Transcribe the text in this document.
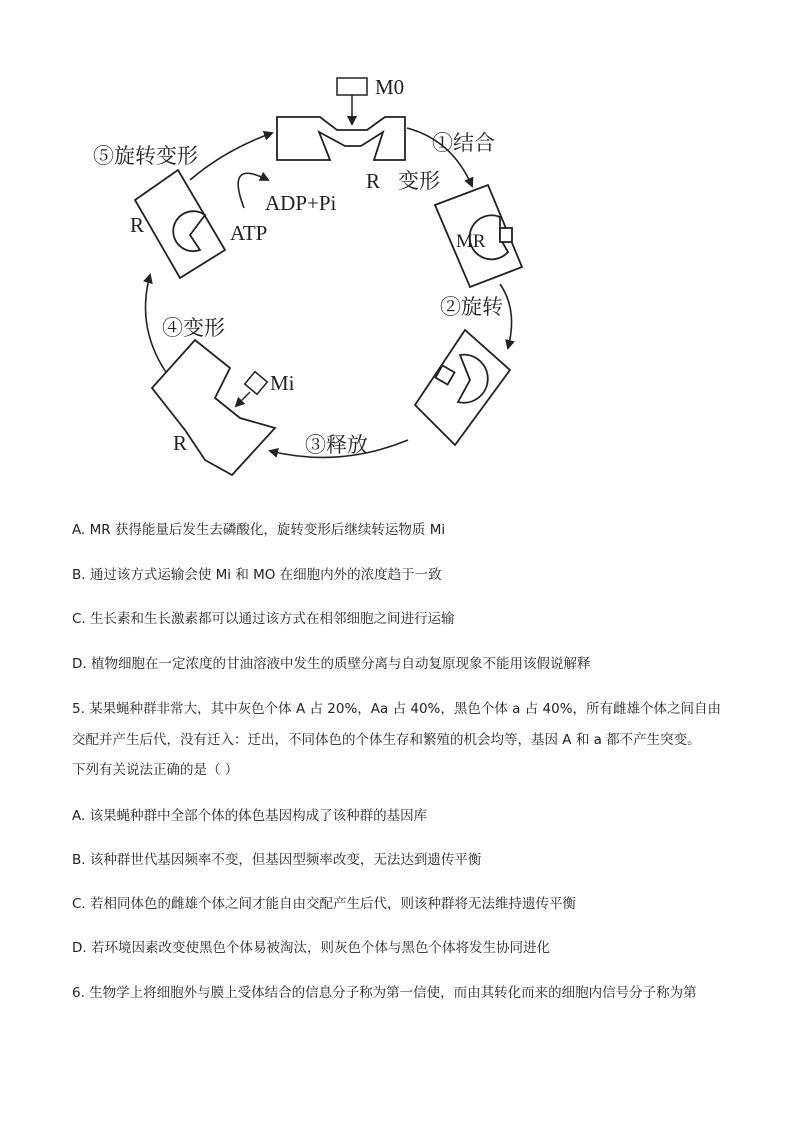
M0
①结合
R 变形
⑤旋转变形
ADP+Pi
R	ATP	MR
②旋转
④变形
Mi
R	③释放
A. MR 获得能量后发生去磷酸化，旋转变形后继续转运物质 Mi
B. 通过该方式运输会使 Mi 和 MO 在细胞内外的浓度趋于一致
C. 生长素和生长激素都可以通过该方式在相邻细胞之间进行运输
D. 植物细胞在一定浓度的甘油溶液中发生的质壁分离与自动复原现象不能用该假说解释
5. 某果蝇种群非常大，其中灰色个体 A 占 20%，Aa 占 40%，黑色个体 a 占 40%，所有雌雄个体之间自由
交配并产生后代，没有迁入：迁出，不同体色的个体生存和繁殖的机会均等，基因 A 和 a 都不产生突变。
下列有关说法正确的是（ ）
A. 该果蝇种群中全部个体的体色基因构成了该种群的基因库
B. 该种群世代基因频率不变，但基因型频率改变，无法达到遗传平衡
C. 若相同体色的雌雄个体之间才能自由交配产生后代，则该种群将无法维持遗传平衡
D. 若环境因素改变使黑色个体易被淘汰，则灰色个体与黑色个体将发生协同进化
6. 生物学上将细胞外与膜上受体结合的信息分子称为第一信使，而由其转化而来的细胞内信号分子称为第
